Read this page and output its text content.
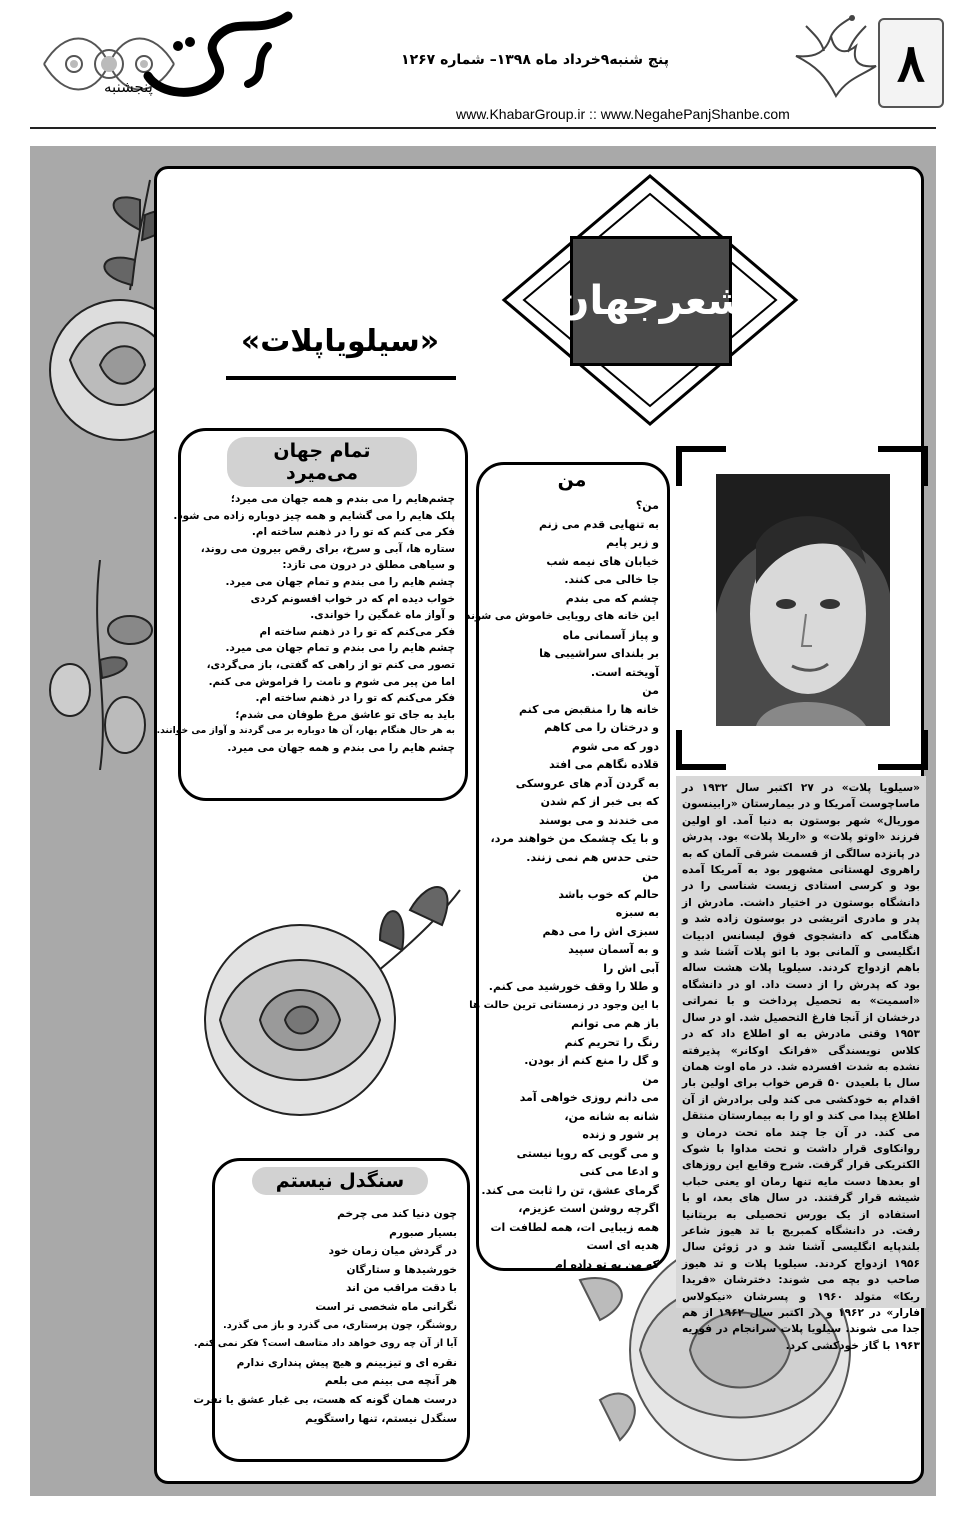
پنجشنبه
پنج شنبه۹خرداد ماه ۱۳۹۸– شماره ۱۲۶۷	۸
www.KhabarGroup.ir :: www.NegahePanjShanbe.com
شعرجهان
«سیلویاپلات»
«سیلویا پلات» در ۲۷ اکتبر سال ۱۹۳۲ در ماساچوست آمریکا و در بیمارستان «رابینسون موریال» شهر بوستون به دنیا آمد. او اولین فرزند «اوتو پلات» و «اریلا پلات» بود. پدرش در پانزده سالگی از قسمت شرقی آلمان که به راهروی لهستانی مشهور بود به آمریکا آمده بود و کرسی استادی زیست شناسی را در دانشگاه بوستون در اختیار داشت. مادرش از پدر و مادری اتریشی در بوستون زاده شد و هنگامی که دانشجوی فوق لیسانس ادبیات انگلیسی و آلمانی بود با اتو پلات آشنا شد و باهم ازدواج کردند. سیلویا پلات هشت ساله بود که پدرش را از دست داد. او در دانشگاه «اسمیت» به تحصیل پرداخت و با نمراتی درخشان از آنجا فارغ التحصیل شد. او در سال ۱۹۵۳ وقتی مادرش به او اطلاع داد که در کلاس نویسندگی «فرانک اوکانر» پذیرفته نشده به شدت افسرده شد. در ماه اوت همان سال با بلعیدن ۵۰ قرص خواب برای اولین بار اقدام به خودکشی می کند ولی برادرش از آن اطلاع پیدا می کند و او را به بیمارستان منتقل می کند. در آن جا چند ماه تحت درمان و روانکاوی قرار داشت و تحت مداوا با شوک الکتریکی قرار گرفت. شرح وقایع این روزهای او بعدها دست مایه تنها رمان او یعنی حباب شیشه قرار گرفتند. در سال های بعد، او با استفاده از یک بورس تحصیلی به بریتانیا رفت. در دانشگاه کمبریج با تد هیوز شاعر بلندپایه انگلیسی آشنا شد و در ژوئن سال ۱۹۵۶ ازدواج کردند. سیلویا پلات و تد هیوز صاحب دو بچه می شوند: دخترشان «فریدا ربکا» متولد ۱۹۶۰ و پسرشان «نیکولاس فارار» در ۱۹۶۲ و در اکتبر سال ۱۹۶۲ از هم جدا می شوند. سیلویا پلات سرانجام در فوریه ۱۹۶۳ با گاز خودکشی کرد.
تمام جهان می‌میرد
چشم‌هایم را می بندم و همه جهان می میرد؛
پلک هایم را می گشایم و همه چیز دوباره زاده می شود.
فکر می کنم که تو را در ذهنم ساخته ام.
ستاره ها، آبی و سرخ، برای رقص بیرون می روند،
و سیاهی مطلق در درون می تازد:
چشم هایم را می بندم و تمام جهان می میرد.
خواب دیده ام که در خواب افسونم کردی
و آواز ماه غمگین را خواندی.
فکر می‌کنم که تو را در ذهنم ساخته ام
چشم هایم را می بندم و تمام جهان می میرد.
تصور می کنم تو از راهی که گفتی، باز می‌گردی،
اما من پیر می شوم و نامت را فراموش می کنم.
فکر می‌کنم که تو را در ذهنم ساخته ام.
باید به جای تو عاشق مرغ طوفان می شدم؛
به هر حال هنگام بهار، آن ها دوباره بر می گردند و آواز می خوانند.
چشم هایم را می بندم و همه جهان می میرد.
من
من؟
به تنهایی قدم می زنم
و زیر پایم
خیابان های نیمه شب
جا خالی می کنند.
چشم که می بندم
این خانه های رویایی خاموش می شوند
و پیاز آسمانی ماه
بر بلندای سراشیبی ها
آویخته است.
من
خانه ها را منقبض می کنم
و درختان را می کاهم
دور که می شوم
قلاده نگاهم می افتد
به گردن آدم های عروسکی
که بی خبر از کم شدن
می خندند و می بوسند
و با یک چشمک من خواهند مرد،
حتی حدس هم نمی زنند.
من
حالم که خوب باشد
به سبزه
سبزی اش را می دهم
و به آسمان سپید
آبی اش را
و طلا را وقف خورشید می کنم.
با این وجود در زمستانی ترین حالت ها
باز هم می توانم
رنگ را تحریم کنم
و گل را منع کنم از بودن.
من
می دانم روزی خواهی آمد
شانه به شانه من،
پر شور و زنده
و می گویی که رویا نیستی
و ادعا می کنی
گرمای عشق، تن را ثابت می کند.
اگرچه روشن است عزیزم،
همه زیبایی ات، همه لطافت ات
هدیه ای است
که من به تو داده ام
سنگدل نیستم
چون دنیا کند می چرخم
بسیار صبورم
در گردش میان زمان خود
خورشیدها و ستارگان
با دقت مراقب من اند
نگرانی ماه شخصی تر است
روشنگر، چون پرستاری، می گذرد و باز می گذرد.
آیا از آن چه روی خواهد داد متاسف است؟ فکر نمی کنم.
نقره ای و تیزبینم و هیچ پیش پنداری ندارم
هر آنچه می بینم می بلعم
درست همان گونه که هست، بی غبار عشق یا نفرت
سنگدل نیستم، تنها راستگویم
